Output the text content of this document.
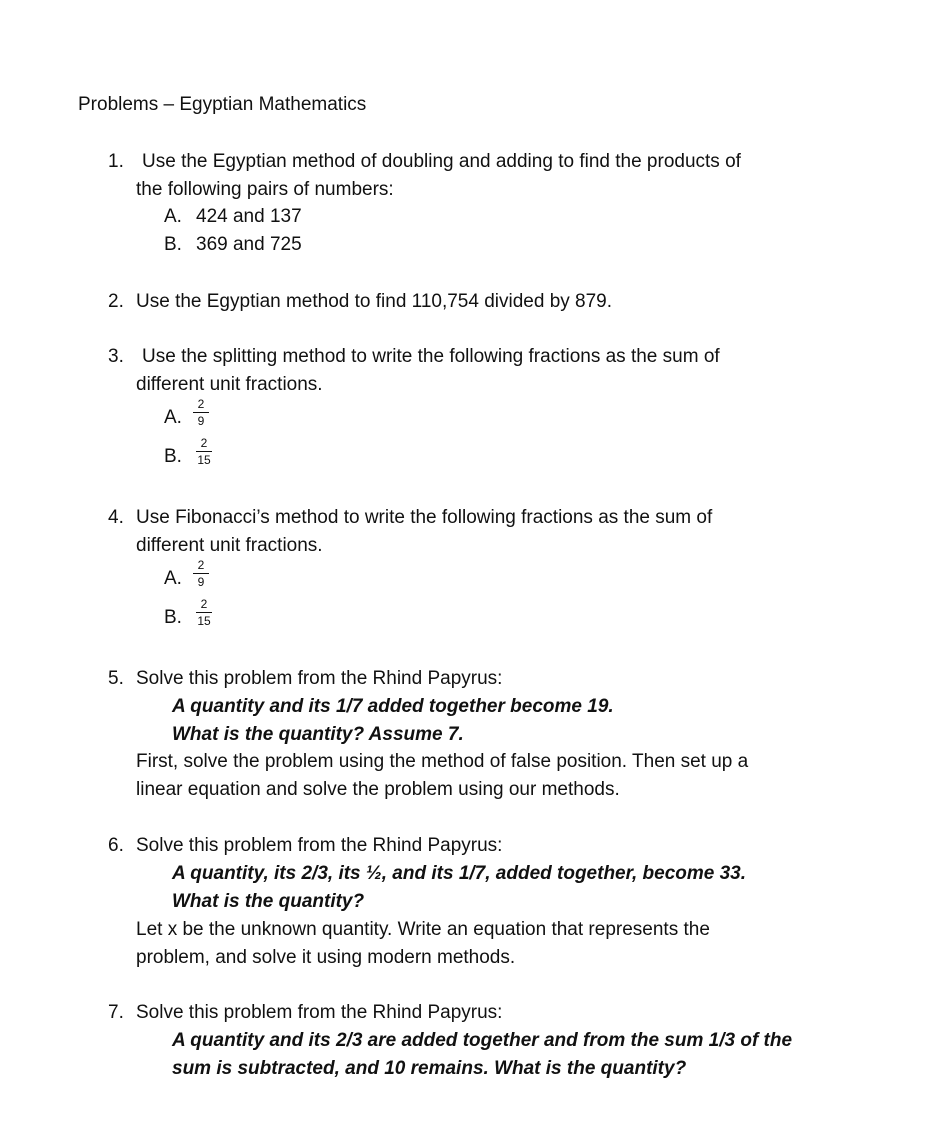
Problems – Egyptian Mathematics
1. Use the Egyptian method of doubling and adding to find the products of
the following pairs of numbers:
A. 424 and 137
B. 369 and 725
2. Use the Egyptian method to find 110,754 divided by 879.
3. Use the splitting method to write the following fractions as the sum of
different unit fractions.
A.
2
9
B.
2
15
4. Use Fibonacci’s method to write the following fractions as the sum of
different unit fractions.
A.
2
9
B.
2
15
5. Solve this problem from the Rhind Papyrus:
A quantity and its 1/7 added together become 19.
What is the quantity? Assume 7.
First, solve the problem using the method of false position. Then set up a
linear equation and solve the problem using our methods.
6. Solve this problem from the Rhind Papyrus:
A quantity, its 2/3, its ½, and its 1/7, added together, become 33.
What is the quantity?
Let x be the unknown quantity. Write an equation that represents the
problem, and solve it using modern methods.
7. Solve this problem from the Rhind Papyrus:
A quantity and its 2/3 are added together and from the sum 1/3 of the
sum is subtracted, and 10 remains. What is the quantity?
